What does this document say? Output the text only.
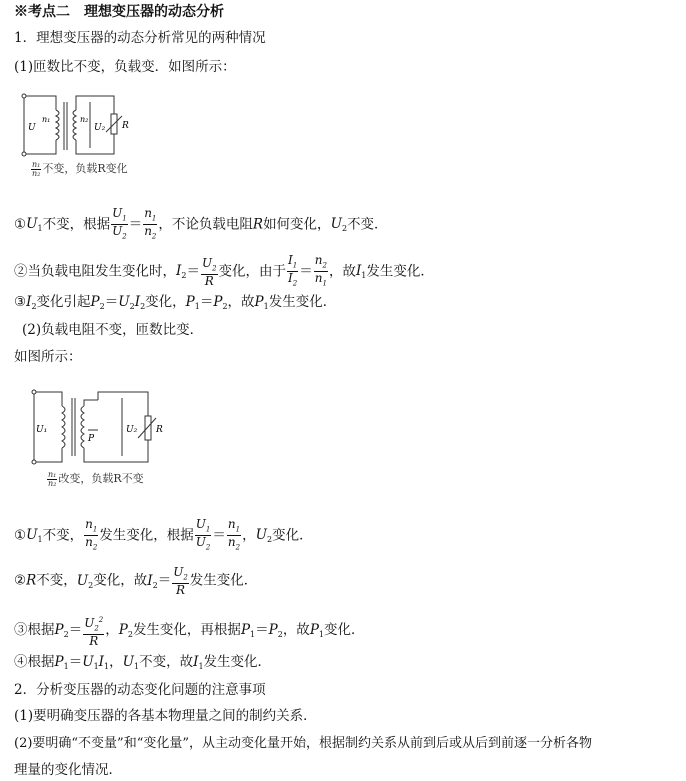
※考点二　理想变压器的动态分析
1．理想变压器的动态分析常见的两种情况
(1)匝数比不变，负载变．如图所示：
U
n₁	n₂
U₂ R
$\frac{\text{n₁}}{\text{n₂}}$ 不变，负载R变化
$①U_1$不变，根据 $\frac{U_1}{U_2} = \frac{n_1}{n_2}$ ，不论负载电阻R如何变化，$U_2$不变．
②当负载电阻发生变化时，$I_2= \frac{U_2}{R}$ 变化，由于 $\frac{I_1}{I_2} = \frac{n_2}{n_1}$ ，故$I_1$发生变化．
$③I_2$变化引起$P_2=U_2I_2$变化，$P_1=P_2$，故$P_1$发生变化．
(2)负载电阻不变，匝数比变．
如图所示：
U₁
P
U₂ R
$\frac{\text{n₁}}{\text{n₂}}$ 改变，负载R不变
$①U_1$不变， $\frac{n_1}{n_2}$ 发生变化，根据 $\frac{U_1}{U_2} = \frac{n_1}{n_2}$ ，$U_2$变化．
②R不变，$U_2$变化，故$I_2= \frac{U_2}{R}$ 发生变化．
③根据$P_2= \frac{U_2^2}{R}$ ，$P_2$发生变化，再根据$P_1=P_2$，故$P_1$变化．
④根据$P_1=U_1I_1$，$U_1$不变，故$I_1$发生变化．
2．分析变压器的动态变化问题的注意事项
(1)要明确变压器的各基本物理量之间的制约关系．
(2)要明确“不变量”和“变化量”，从主动变化量开始，根据制约关系从前到后或从后到前逐一分析各物
理量的变化情况．
